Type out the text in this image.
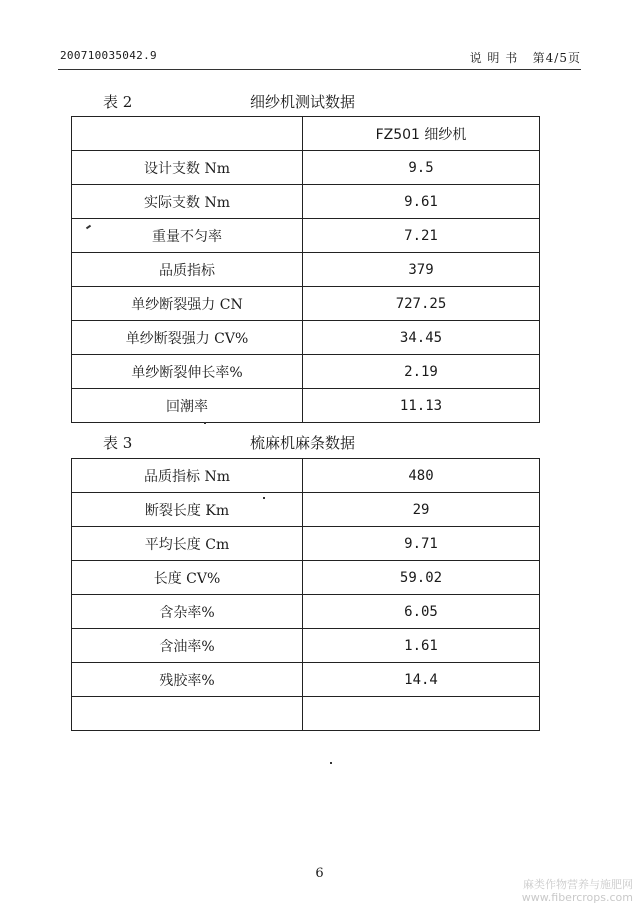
200710035042.9	说 明 书 第4/5页
表 2	细纱机测试数据
	FZ501 细纱机
设计支数 Nm	9.5
实际支数 Nm	9.61
重量不匀率	7.21
品质指标	379
单纱断裂强力 CN	727.25
单纱断裂强力 CV%	34.45
单纱断裂伸长率%	2.19
回潮率	11.13
表 3	梳麻机麻条数据
品质指标 Nm	480
断裂长度 Km	29
平均长度 Cm	9.71
长度 CV%	59.02
含杂率%	6.05
含油率%	1.61
残胶率%	14.4

6
麻类作物营养与施肥网
www.fibercrops.com
